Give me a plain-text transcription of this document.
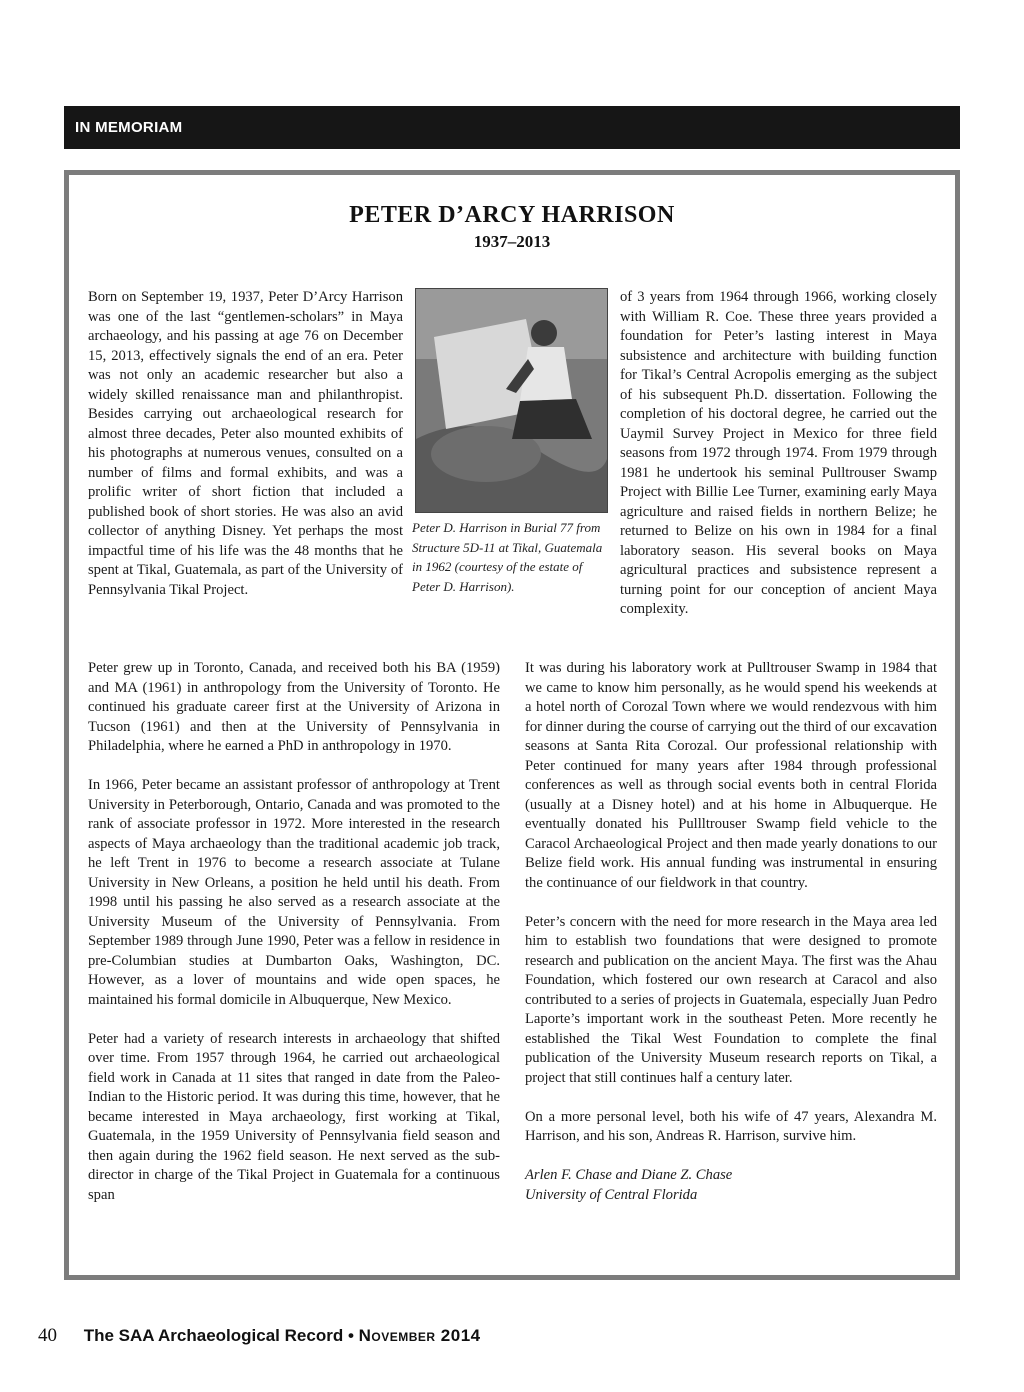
IN MEMORIAM
PETER D’ARCY HARRISON
1937–2013

Born on September 19, 1937, Peter D’Arcy Harrison was one of the last “gentlemen-scholars” in Maya archaeology, and his passing at age 76 on December 15, 2013, effectively signals the end of an era. Peter was not only an academic researcher but also a widely skilled renaissance man and philanthropist. Besides carrying out archaeological research for almost three decades, Peter also mounted exhibits of his photographs at numerous venues, consulted on a number of films and formal exhibits, and was a prolific writer of short fiction that included a published book of short stories. He was also an avid collector of anything Disney. Yet perhaps the most impactful time of his life was the 48 months that he spent at Tikal, Guatemala, as part of the University of Pennsylvania Tikal Project.

Peter D. Harrison in Burial 77 from Structure 5D-11 at Tikal, Guatemala in 1962 (courtesy of the estate of Peter D. Harrison).

of 3 years from 1964 through 1966, working closely with William R. Coe. These three years provided a foundation for Peter’s lasting interest in Maya subsistence and architecture with building function for Tikal’s Central Acropolis emerging as the subject of his subsequent Ph.D. dissertation. Following the completion of his doctoral degree, he carried out the Uaymil Survey Project in Mexico for three field seasons from 1972 through 1974. From 1979 through 1981 he undertook his seminal Pulltrouser Swamp Project with Billie Lee Turner, examining early Maya agriculture and raised fields in northern Belize; he returned to Belize on his own in 1984 for a final laboratory season. His several books on Maya agricultural practices and subsistence represent a turning point for our conception of ancient Maya complexity.

Peter grew up in Toronto, Canada, and received both his BA (1959) and MA (1961) in anthropology from the University of Toronto. He continued his graduate career first at the University of Arizona in Tucson (1961) and then at the University of Pennsylvania in Philadelphia, where he earned a PhD in anthropology in 1970.

In 1966, Peter became an assistant professor of anthropology at Trent University in Peterborough, Ontario, Canada and was promoted to the rank of associate professor in 1972. More interested in the research aspects of Maya archaeology than the traditional academic job track, he left Trent in 1976 to become a research associate at Tulane University in New Orleans, a position he held until his death. From 1998 until his passing he also served as a research associate at the University Museum of the University of Pennsylvania. From September 1989 through June 1990, Peter was a fellow in residence in pre-Columbian studies at Dumbarton Oaks, Washington, DC. However, as a lover of mountains and wide open spaces, he maintained his formal domicile in Albuquerque, New Mexico.

Peter had a variety of research interests in archaeology that shifted over time. From 1957 through 1964, he carried out archaeological field work in Canada at 11 sites that ranged in date from the Paleo-Indian to the Historic period. It was during this time, however, that he became interested in Maya archaeology, first working at Tikal, Guatemala, in the 1959 University of Pennsylvania field season and then again during the 1962 field season. He next served as the sub-director in charge of the Tikal Project in Guatemala for a continuous span

It was during his laboratory work at Pulltrouser Swamp in 1984 that we came to know him personally, as he would spend his weekends at a hotel north of Corozal Town where we would rendezvous with him for dinner during the course of carrying out the third of our excavation seasons at Santa Rita Corozal. Our professional relationship with Peter continued for many years after 1984 through professional conferences as well as through social events both in central Florida (usually at a Disney hotel) and at his home in Albuquerque. He eventually donated his Pullltrouser Swamp field vehicle to the Caracol Archaeological Project and then made yearly donations to our Belize field work. His annual funding was instrumental in ensuring the continuance of our fieldwork in that country.

Peter’s concern with the need for more research in the Maya area led him to establish two foundations that were designed to promote research and publication on the ancient Maya. The first was the Ahau Foundation, which fostered our own research at Caracol and also contributed to a series of projects in Guatemala, especially Juan Pedro Laporte’s important work in the southeast Peten. More recently he established the Tikal West Foundation to complete the final publication of the University Museum research reports on Tikal, a project that still continues half a century later.

On a more personal level, both his wife of 47 years, Alexandra M. Harrison, and his son, Andreas R. Harrison, survive him.

Arlen F. Chase and Diane Z. Chase
University of Central Florida

40 The SAA Archaeological Record • November 2014
